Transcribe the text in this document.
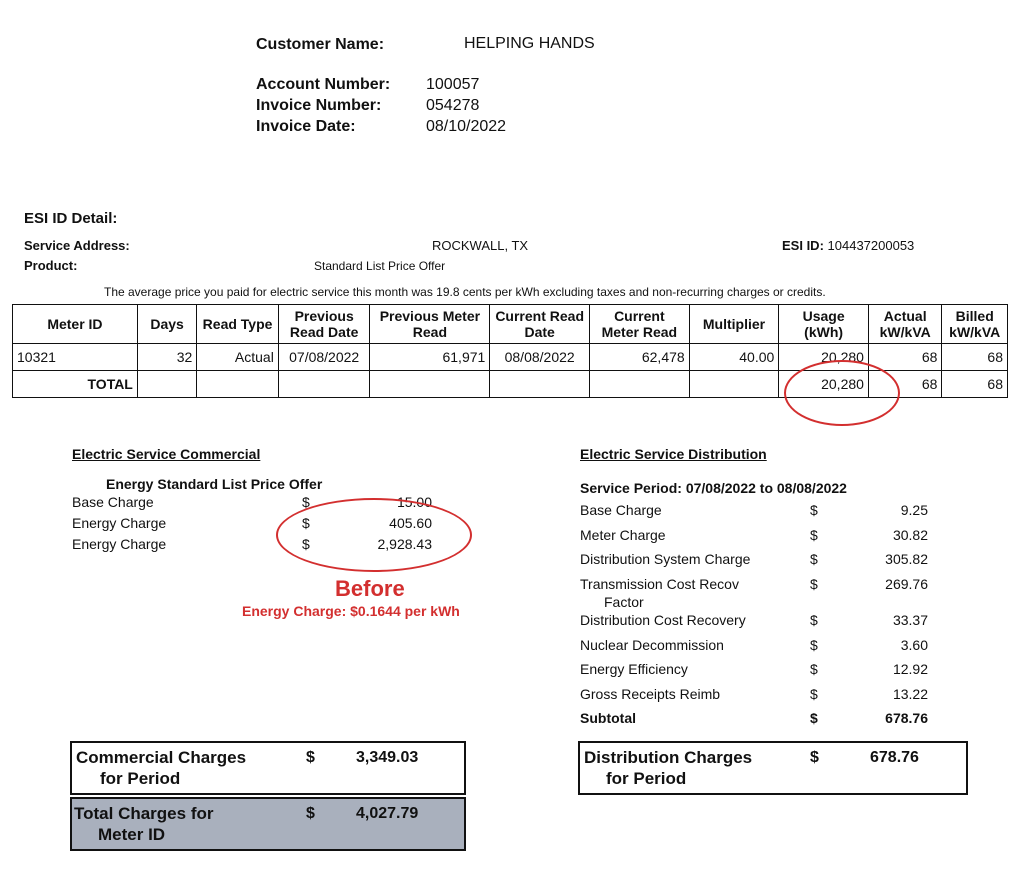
Customer Name:	HELPING HANDS
Account Number: 100057
Invoice Number:	054278
Invoice Date:	08/10/2022
ESI ID Detail:
Service Address:	ROCKWALL, TX	ESI ID: 104437200053
Product:	Standard List Price Offer
The average price you paid for electric service this month was 19.8 cents per kWh excluding taxes and non-recurring charges or credits.
Meter ID	Days	Read Type	Previous Read Date	Previous Meter Read	Current Read Date	Current Meter Read	Multiplier	Usage (kWh)	Actual kW/kVA	Billed kW/kVA
10321	32	Actual	07/08/2022	61,971	08/08/2022	62,478	40.00	20,280	68	68
TOTAL								20,280	68	68
Electric Service Commercial
Energy Standard List Price Offer
Base Charge	$	15.00
Energy Charge	$	405.60
Energy Charge	$	2,928.43
Before
Energy Charge: $0.1644 per kWh
Commercial Charges
for Period
$	3,349.03
Total Charges for
Meter ID
$	4,027.79
Electric Service Distribution
Service Period: 07/08/2022 to 08/08/2022
Base Charge	$	9.25
Meter Charge	$	30.82
Distribution System Charge	$	305.82
Transmission Cost Recov
Factor
$	269.76
Distribution Cost Recovery	$	33.37
Nuclear Decommission	$	3.60
Energy Efficiency	$	12.92
Gross Receipts Reimb	$	13.22
Subtotal	$	678.76
Distribution Charges
for Period
$	678.76
